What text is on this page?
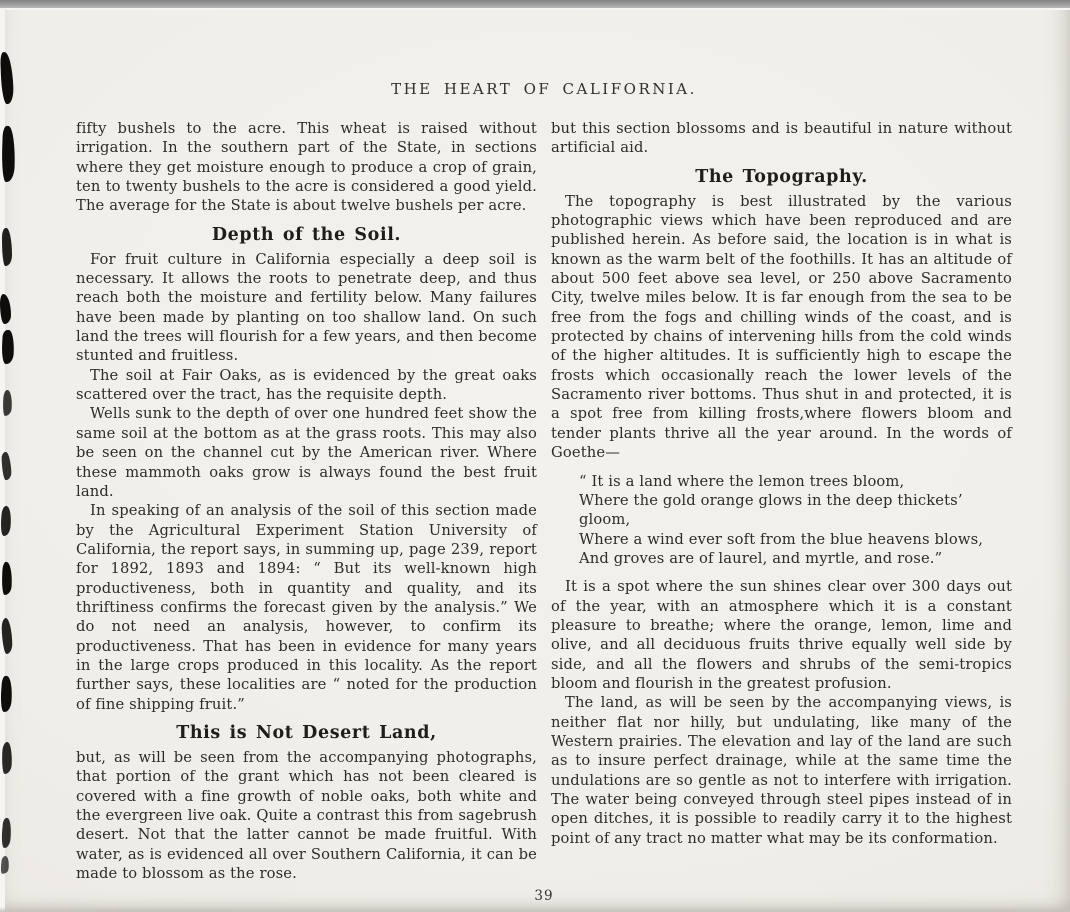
THE HEART OF CALIFORNIA.

fifty bushels to the acre. This wheat is raised without irrigation. In the southern part of the State, in sections where they get moisture enough to produce a crop of grain, ten to twenty bushels to the acre is considered a good yield. The average for the State is about twelve bushels per acre.

Depth of the Soil.

For fruit culture in California especially a deep soil is necessary. It allows the roots to penetrate deep, and thus reach both the moisture and fertility below. Many failures have been made by planting on too shallow land. On such land the trees will flourish for a few years, and then become stunted and fruitless.

The soil at Fair Oaks, as is evidenced by the great oaks scattered over the tract, has the requisite depth.

Wells sunk to the depth of over one hundred feet show the same soil at the bottom as at the grass roots. This may also be seen on the channel cut by the American river. Where these mammoth oaks grow is always found the best fruit land.

In speaking of an analysis of the soil of this section made by the Agricultural Experiment Station University of California, the report says, in summing up, page 239, report for 1892, 1893 and 1894: “ But its well-known high productiveness, both in quantity and quality, and its thriftiness confirms the forecast given by the analysis.” We do not need an analysis, however, to confirm its productiveness. That has been in evidence for many years in the large crops produced in this locality. As the report further says, these localities are “ noted for the production of fine shipping fruit.”

This is Not Desert Land,

but, as will be seen from the accompanying photographs, that portion of the grant which has not been cleared is covered with a fine growth of noble oaks, both white and the evergreen live oak. Quite a contrast this from sagebrush desert. Not that the latter cannot be made fruitful. With water, as is evidenced all over Southern California, it can be made to blossom as the rose.

but this section blossoms and is beautiful in nature without artificial aid.

The Topography.

The topography is best illustrated by the various photographic views which have been reproduced and are published herein. As before said, the location is in what is known as the warm belt of the foothills. It has an altitude of about 500 feet above sea level, or 250 above Sacramento City, twelve miles below. It is far enough from the sea to be free from the fogs and chilling winds of the coast, and is protected by chains of intervening hills from the cold winds of the higher altitudes. It is sufficiently high to escape the frosts which occasionally reach the lower levels of the Sacramento river bottoms. Thus shut in and protected, it is a spot free from killing frosts,where flowers bloom and tender plants thrive all the year around. In the words of Goethe—

“ It is a land where the lemon trees bloom,
Where the gold orange glows in the deep thickets’ gloom,
Where a wind ever soft from the blue heavens blows,
And groves are of laurel, and myrtle, and rose.”

It is a spot where the sun shines clear over 300 days out of the year, with an atmosphere which it is a constant pleasure to breathe; where the orange, lemon, lime and olive, and all deciduous fruits thrive equally well side by side, and all the flowers and shrubs of the semi-tropics bloom and flourish in the greatest profusion.

The land, as will be seen by the accompanying views, is neither flat nor hilly, but undulating, like many of the Western prairies. The elevation and lay of the land are such as to insure perfect drainage, while at the same time the undulations are so gentle as not to interfere with irrigation. The water being conveyed through steel pipes instead of in open ditches, it is possible to readily carry it to the highest point of any tract no matter what may be its conformation.

39
